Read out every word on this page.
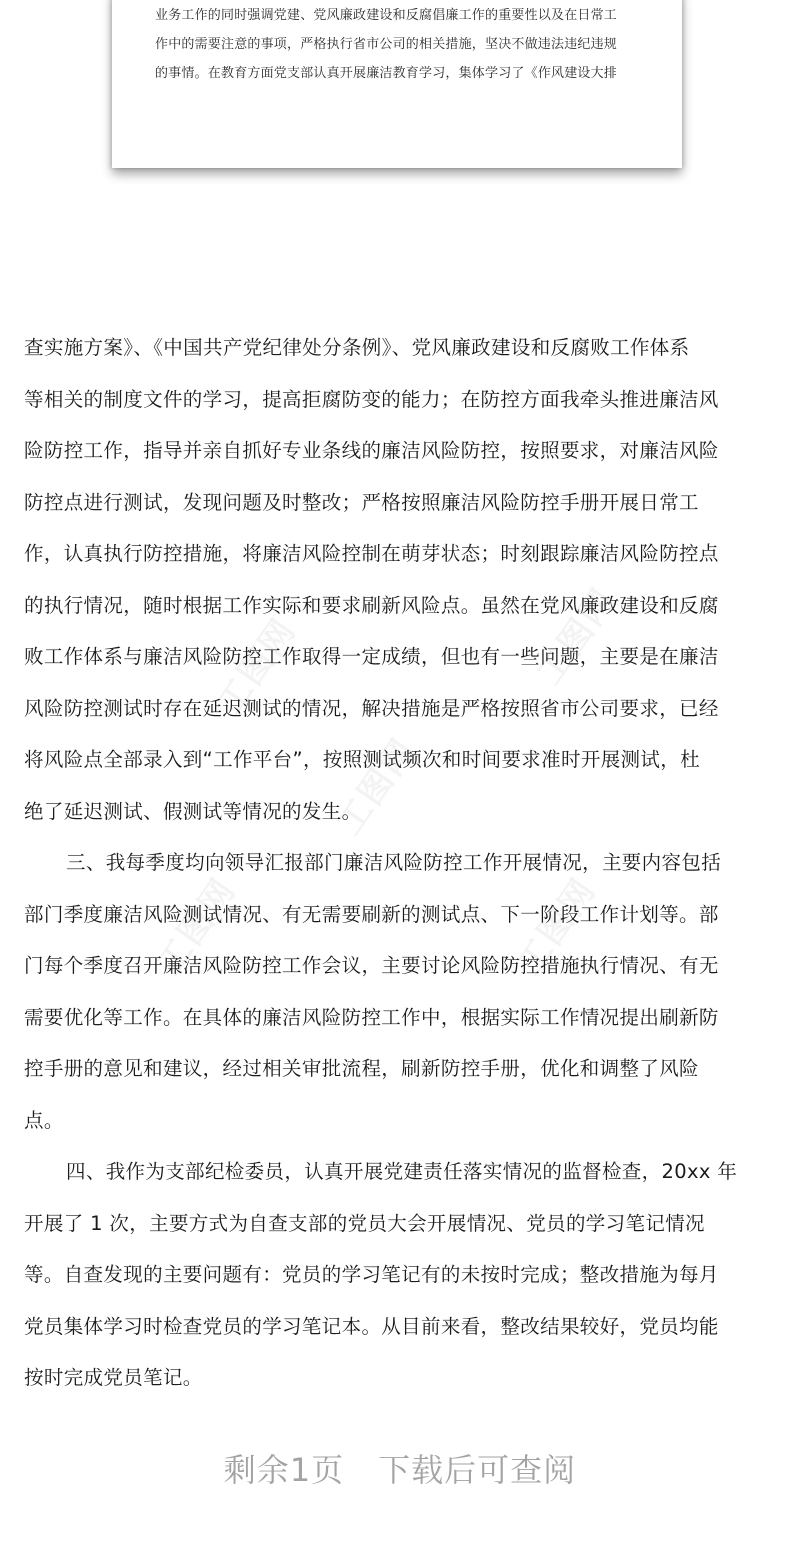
业务工作的同时强调党建、党风廉政建设和反腐倡廉工作的重要性以及在日常工
作中的需要注意的事项，严格执行省市公司的相关措施，坚决不做违法违纪违规
的事情。在教育方面党支部认真开展廉洁教育学习，集体学习了《作风建设大排
工图网	工图网
工图网
工图网	工图网
查实施方案》、《中国共产党纪律处分条例》、党风廉政建设和反腐败工作体系
等相关的制度文件的学习，提高拒腐防变的能力；在防控方面我牵头推进廉洁风
险防控工作，指导并亲自抓好专业条线的廉洁风险防控，按照要求，对廉洁风险
防控点进行测试，发现问题及时整改；严格按照廉洁风险防控手册开展日常工
作，认真执行防控措施，将廉洁风险控制在萌芽状态；时刻跟踪廉洁风险防控点
的执行情况，随时根据工作实际和要求刷新风险点。虽然在党风廉政建设和反腐
败工作体系与廉洁风险防控工作取得一定成绩，但也有一些问题，主要是在廉洁
风险防控测试时存在延迟测试的情况，解决措施是严格按照省市公司要求，已经
将风险点全部录入到“工作平台”，按照测试频次和时间要求准时开展测试，杜
绝了延迟测试、假测试等情况的发生。
三、我每季度均向领导汇报部门廉洁风险防控工作开展情况，主要内容包括
部门季度廉洁风险测试情况、有无需要刷新的测试点、下一阶段工作计划等。部
门每个季度召开廉洁风险防控工作会议，主要讨论风险防控措施执行情况、有无
需要优化等工作。在具体的廉洁风险防控工作中，根据实际工作情况提出刷新防
控手册的意见和建议，经过相关审批流程，刷新防控手册，优化和调整了风险
点。
四、我作为支部纪检委员，认真开展党建责任落实情况的监督检查，20xx 年
开展了 1 次，主要方式为自查支部的党员大会开展情况、党员的学习笔记情况
等。自查发现的主要问题有：党员的学习笔记有的未按时完成；整改措施为每月
党员集体学习时检查党员的学习笔记本。从目前来看，整改结果较好，党员均能
按时完成党员笔记。
剩余1页 下载后可查阅
